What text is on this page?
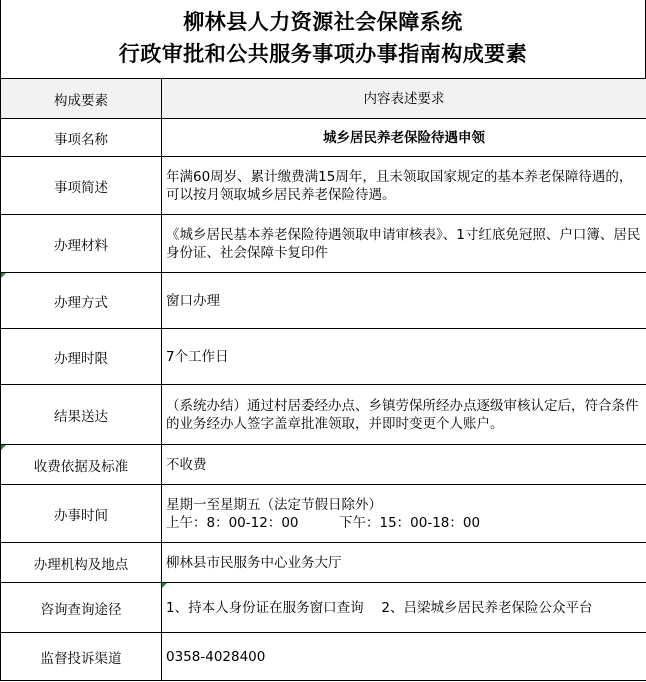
柳林县人力资源社会保障系统
行政审批和公共服务事项办事指南构成要素
构成要素	内容表述要求
事项名称	城乡居民养老保险待遇申领
事项简述	年满60周岁、累计缴费满15周年，且未领取国家规定的基本养老保障待遇的，可以按月领取城乡居民养老保险待遇。
办理材料	《城乡居民基本养老保险待遇领取申请审核表》、1寸红底免冠照、户口簿、居民身份证、社会保障卡复印件
办理方式	窗口办理
办理时限	7个工作日
结果送达	（系统办结）通过村居委经办点、乡镇劳保所经办点逐级审核认定后，符合条件的业务经办人签字盖章批准领取，并即时变更个人账户。
收费依据及标准	不收费
办事时间	星期一至星期五（法定节假日除外）
上午：8：00-12：00　　　下午：15：00-18：00

办理机构及地点	柳林县市民服务中心业务大厅
咨询查询途径	1、持本人身份证在服务窗口查询　 2、吕梁城乡居民养老保险公众平台
监督投诉渠道	0358-4028400
